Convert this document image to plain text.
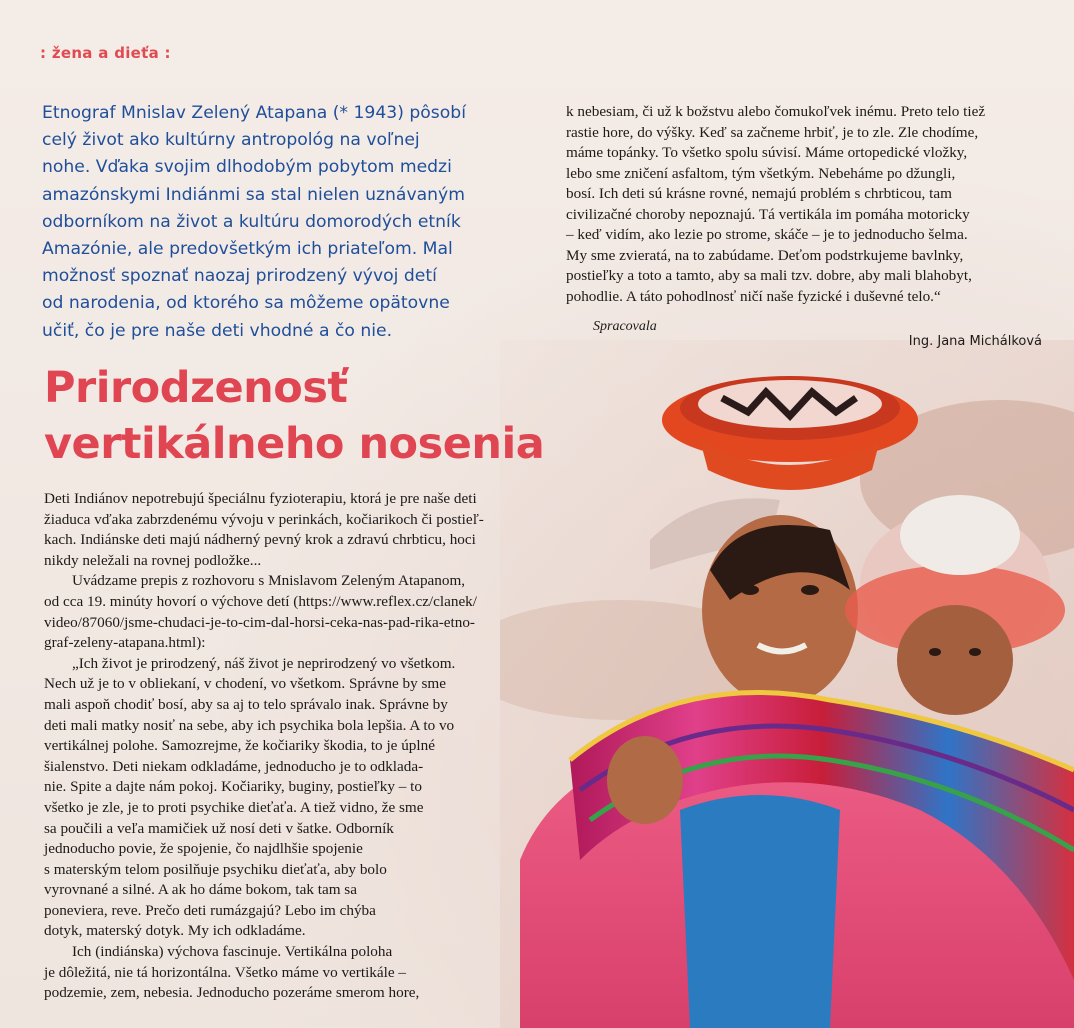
: žena a dieťa :
Etnograf Mnislav Zelený Atapana (* 1943) pôsobí
celý život ako kultúrny antropológ na voľnej
nohe. Vďaka svojim dlhodobým pobytom medzi
amazónskymi Indiánmi sa stal nielen uznávaným
odborníkom na život a kultúru domorodých etník
Amazónie, ale predovšetkým ich priateľom. Mal
možnosť spoznať naozaj prirodzený vývoj detí
od narodenia, od ktorého sa môžeme opätovne
učiť, čo je pre naše deti vhodné a čo nie.
k nebesiam, či už k božstvu alebo čomukoľvek inému. Preto telo tiež
rastie hore, do výšky. Keď sa začneme hrbiť, je to zle. Zle chodíme,
máme topánky. To všetko spolu súvisí. Máme ortopedické vložky,
lebo sme zničení asfaltom, tým všetkým. Nebeháme po džungli,
bosí. Ich deti sú krásne rovné, nemajú problém s chrbticou, tam
civilizačné choroby nepoznajú. Tá vertikála im pomáha motoricky
– keď vidím, ako lezie po strome, skáče – je to jednoducho šelma.
My sme zvieratá, na to zabúdame. Deťom podstrkujeme bavlnky,
postieľky a toto a tamto, aby sa mali tzv. dobre, aby mali blahobyt,
pohodlie. A táto pohodlnosť ničí naše fyzické i duševné telo.“
Spracovala
Ing. Jana Michálková
Prirodzenosť
vertikálneho nosenia

Deti Indiánov nepotrebujú špeciálnu fyzioterapiu, ktorá je pre naše deti
žiaduca vďaka zabrzdenému vývoju v perinkách, kočiarikoch či postieľ-
kach. Indiánske deti majú nádherný pevný krok a zdravú chrbticu, hoci
nikdy neležali na rovnej podložke...

Uvádzame prepis z rozhovoru s Mnislavom Zeleným Atapanom,
od cca 19. minúty hovorí o výchove detí (https://www.reflex.cz/clanek/
video/87060/jsme-chudaci-je-to-cim-dal-horsi-ceka-nas-pad-rika-etno-
graf-zeleny-atapana.html):

„Ich život je prirodzený, náš život je neprirodzený vo všetkom.
Nech už je to v obliekaní, v chodení, vo všetkom. Správne by sme
mali aspoň chodiť bosí, aby sa aj to telo správalo inak. Správne by
deti mali matky nosiť na sebe, aby ich psychika bola lepšia. A to vo
vertikálnej polohe. Samozrejme, že kočiariky škodia, to je úplné
šialenstvo. Deti niekam odkladáme, jednoducho je to odklada-
nie. Spite a dajte nám pokoj. Kočiariky, buginy, postieľky – to
všetko je zle, je to proti psychike dieťaťa. A tiež vidno, že sme
sa poučili a veľa mamičiek už nosí deti v šatke. Odborník
jednoducho povie, že spojenie, čo najdlhšie spojenie
s materským telom posilňuje psychiku dieťaťa, aby bolo
vyrovnané a silné. A ak ho dáme bokom, tak tam sa
poneviera, reve. Prečo deti rumázgajú? Lebo im chýba
dotyk, materský dotyk. My ich odkladáme.

Ich (indiánska) výchova fascinuje. Vertikálna poloha
je dôležitá, nie tá horizontálna. Všetko máme vo vertikále –
podzemie, zem, nebesia. Jednoducho pozeráme smerom hore,
